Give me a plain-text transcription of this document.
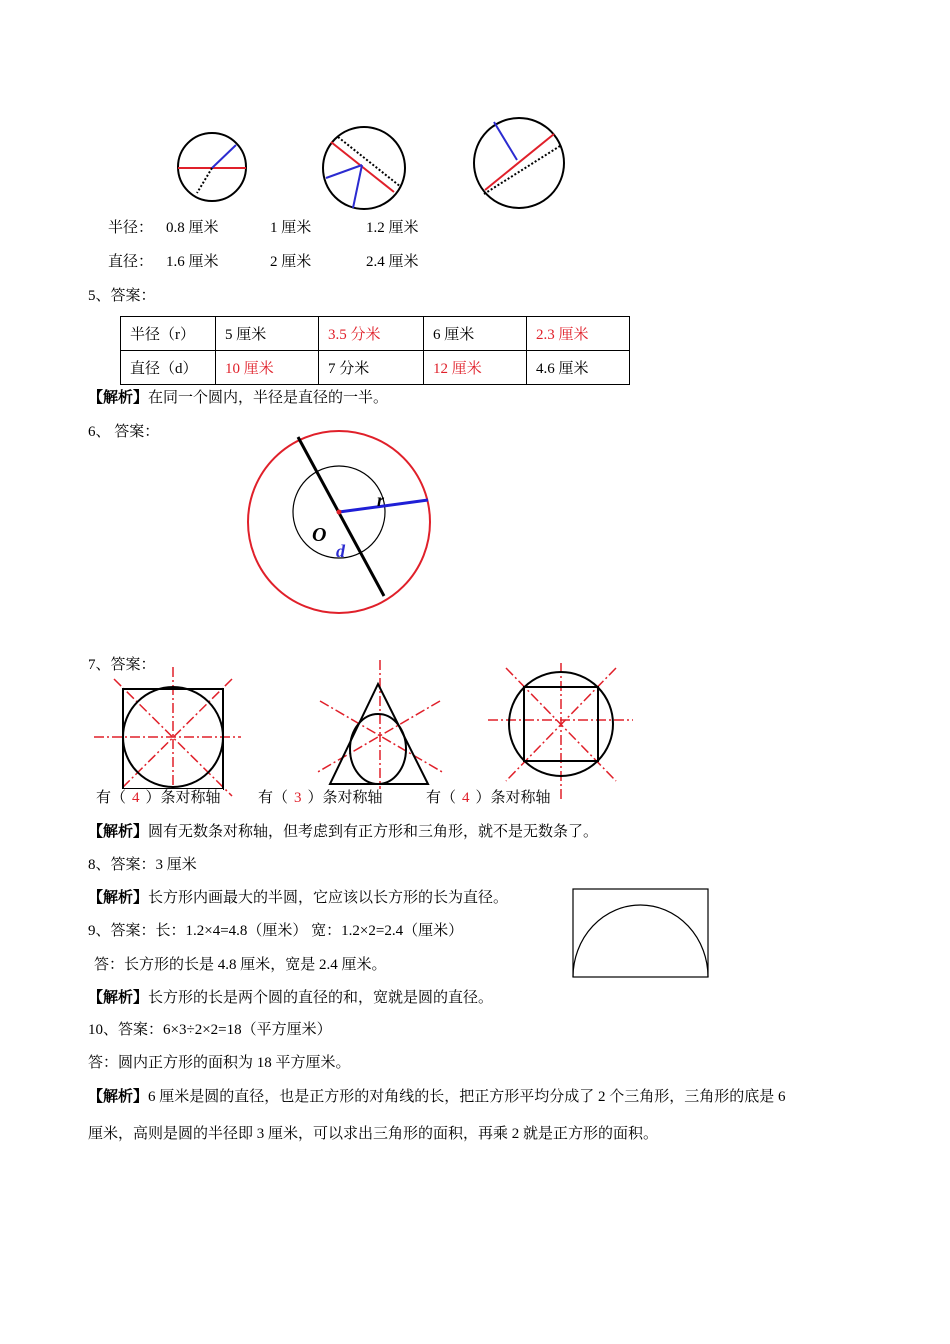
半径： 0.8 厘米	1 厘米	1.2 厘米
直径： 1.6 厘米	2 厘米	2.4 厘米
5、答案：
半径（r）	5 厘米	3.5 分米	6 厘米	2.3 厘米
直径（d）	10 厘米	7 分米	12 厘米	4.6 厘米
【解析】在同一个圆内，半径是直径的一半。
6、 答案：
r
O
d
7、答案：
有（ 4 ）条对称轴 有（ 3 ）条对称轴	有（ 4 ）条对称轴
【解析】圆有无数条对称轴，但考虑到有正方形和三角形，就不是无数条了。
8、答案：3 厘米
【解析】长方形内画最大的半圆，它应该以长方形的长为直径。
9、答案：长：1.2×4=4.8（厘米） 宽：1.2×2=2.4（厘米）
答：长方形的长是 4.8 厘米，宽是 2.4 厘米。
【解析】长方形的长是两个圆的直径的和，宽就是圆的直径。
10、答案：6×3÷2×2=18（平方厘米）
答：圆内正方形的面积为 18 平方厘米。
【解析】6 厘米是圆的直径，也是正方形的对角线的长，把正方形平均分成了 2 个三角形，三角形的底是 6
厘米，高则是圆的半径即 3 厘米，可以求出三角形的面积，再乘 2 就是正方形的面积。
